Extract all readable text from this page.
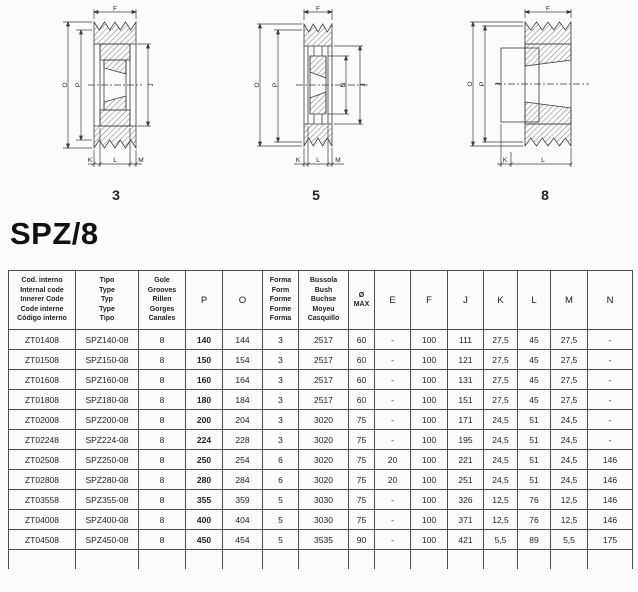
F
O P	J
K	L	M
3
F
O P	N J
K L M
5
F
O P J
K	L
8
SPZ/8
Cod. interno
Internal code
Innerer Code
Code interne
Código interno

Tipo
Type
Typ
Type
Tipo

Gole
Grooves
Rillen
Gorges
Canales
	P	O	
Forma
Form
Forme
Forme
Forma

Bussola
Bush
Buchse
Moyeu
Casquillo

Ø
MAX	E	F	J	K	L	M	N
ZT01408	SPZ140-08	8	140	144	3	2517	60	-	100	111	27,5	45	27,5	-
ZT01508	SPZ150-08	8	150	154	3	2517	60	-	100	121	27,5	45	27,5	-
ZT01608	SPZ160-08	8	160	164	3	2517	60	-	100	131	27,5	45	27,5	-
ZT01808	SPZ180-08	8	180	184	3	2517	60	-	100	151	27,5	45	27,5	-
ZT02008	SPZ200-08	8	200	204	3	3020	75	-	100	171	24,5	51	24,5	-
ZT02248	SPZ224-08	8	224	228	3	3020	75	-	100	195	24,5	51	24,5	-
ZT02508	SPZ250-08	8	250	254	6	3020	75	20	100	221	24,5	51	24,5	146
ZT02808	SPZ280-08	8	280	284	6	3020	75	20	100	251	24,5	51	24,5	146
ZT03558	SPZ355-08	8	355	359	5	3030	75	-	100	326	12,5	76	12,5	146
ZT04008	SPZ400-08	8	400	404	5	3030	75	-	100	371	12,5	76	12,5	146
ZT04508	SPZ450-08	8	450	454	5	3535	90	-	100	421	5,5	89	5,5	175
